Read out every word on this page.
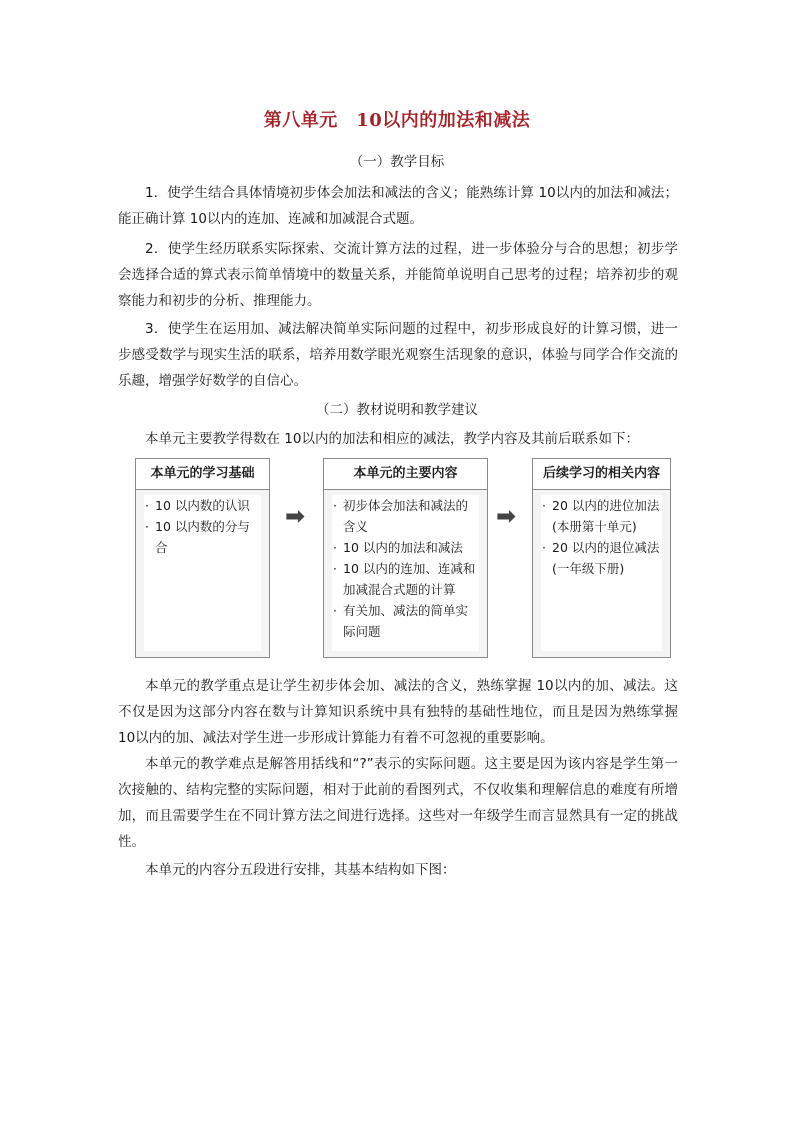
第八单元　10以内的加法和减法
（一）教学目标
1．使学生结合具体情境初步体会加法和减法的含义；能熟练计算 10以内的加法和减法；能正确计算 10以内的连加、连减和加减混合式题。
2．使学生经历联系实际探索、交流计算方法的过程，进一步体验分与合的思想；初步学会选择合适的算式表示简单情境中的数量关系，并能简单说明自己思考的过程；培养初步的观察能力和初步的分析、推理能力。
3．使学生在运用加、减法解决简单实际问题的过程中，初步形成良好的计算习惯，进一步感受数学与现实生活的联系，培养用数学眼光观察生活现象的意识，体验与同学合作交流的乐趣，增强学好数学的自信心。
（二）教材说明和教学建议
本单元主要教学得数在 10以内的加法和相应的减法，教学内容及其前后联系如下：
本单元的学习基础
· 10 以内数的认识
· 10 以内数的分与合
➡
本单元的主要内容
· 初步体会加法和减法的含义
· 10 以内的加法和减法
· 10 以内的连加、连减和加减混合式题的计算
· 有关加、减法的简单实际问题
➡
后续学习的相关内容
· 20 以内的进位加法(本册第十单元)
· 20 以内的退位减法(一年级下册)
本单元的教学重点是让学生初步体会加、减法的含义，熟练掌握 10以内的加、减法。这不仅是因为这部分内容在数与计算知识系统中具有独特的基础性地位，而且是因为熟练掌握 10以内的加、减法对学生进一步形成计算能力有着不可忽视的重要影响。
本单元的教学难点是解答用括线和“?”表示的实际问题。这主要是因为该内容是学生第一次接触的、结构完整的实际问题，相对于此前的看图列式，不仅收集和理解信息的难度有所增加，而且需要学生在不同计算方法之间进行选择。这些对一年级学生而言显然具有一定的挑战性。
本单元的内容分五段进行安排，其基本结构如下图：
